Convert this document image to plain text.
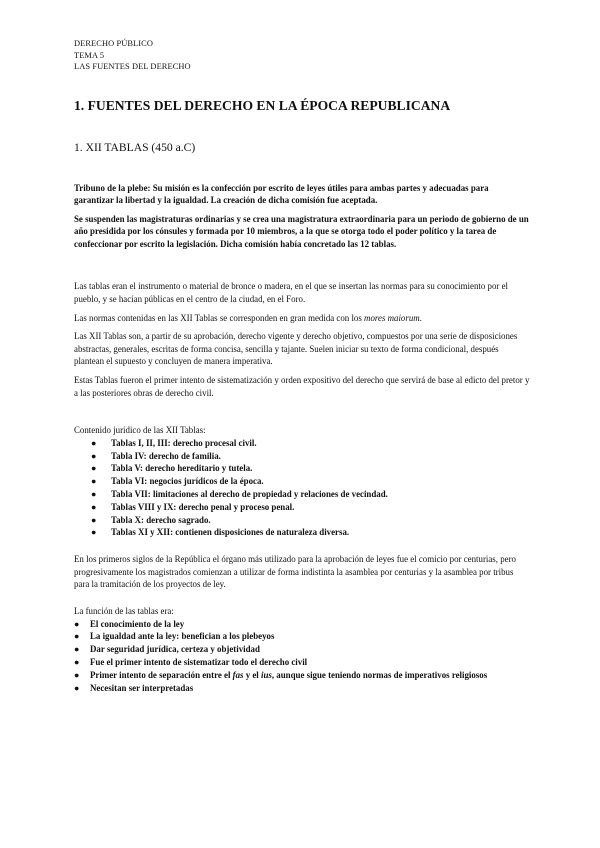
DERECHO PÚBLICO
TEMA 5
LAS FUENTES DEL DERECHO
1. FUENTES DEL DERECHO EN LA ÉPOCA REPUBLICANA
1. XII TABLAS (450 a.C)

Tribuno de la plebe: Su misión es la confección por escrito de leyes útiles para ambas partes y adecuadas para garantizar la libertad y la igualdad. La creación de dicha comisión fue aceptada.

Se suspenden las magistraturas ordinarias y se crea una magistratura extraordinaria para un periodo de gobierno de un año presidida por los cónsules y formada por 10 miembros, a la que se otorga todo el poder político y la tarea de confeccionar por escrito la legislación. Dicha comisión había concretado las 12 tablas.

Las tablas eran el instrumento o material de bronce o madera, en el que se insertan las normas para su conocimiento por el pueblo, y se hacían públicas en el centro de la ciudad, en el Foro.

Las normas contenidas en las XII Tablas se corresponden en gran medida con los mores maiorum.

Las XII Tablas son, a partir de su aprobación, derecho vigente y derecho objetivo, compuestos por una serie de disposiciones abstractas, generales, escritas de forma concisa, sencilla y tajante. Suelen iniciar su texto de forma condicional, después plantean el supuesto y concluyen de manera imperativa.

Estas Tablas fueron el primer intento de sistematización y orden expositivo del derecho que servirá de base al edicto del pretor y a las posteriores obras de derecho civil.

Contenido jurídico de las XII Tablas:

● Tablas I, II, III: derecho procesal civil.
● Tabla IV: derecho de familia.
● Tabla V: derecho hereditario y tutela.
● Tabla VI: negocios jurídicos de la época.
● Tabla VII: limitaciones al derecho de propiedad y relaciones de vecindad.
● Tablas VIII y IX: derecho penal y proceso penal.
● Tabla X: derecho sagrado.
● Tablas XI y XII: contienen disposiciones de naturaleza diversa.

En los primeros siglos de la República el órgano más utilizado para la aprobación de leyes fue el comicio por centurias, pero progresivamente los magistrados comienzan a utilizar de forma indistinta la asamblea por centurias y la asamblea por tribus para la tramitación de los proyectos de ley.

La función de las tablas era:

● El conocimiento de la ley
● La igualdad ante la ley: benefician a los plebeyos
● Dar seguridad jurídica, certeza y objetividad
● Fue el primer intento de sistematizar todo el derecho civil
● Primer intento de separación entre el fas y el ius, aunque sigue teniendo normas de imperativos religiosos
● Necesitan ser interpretadas
